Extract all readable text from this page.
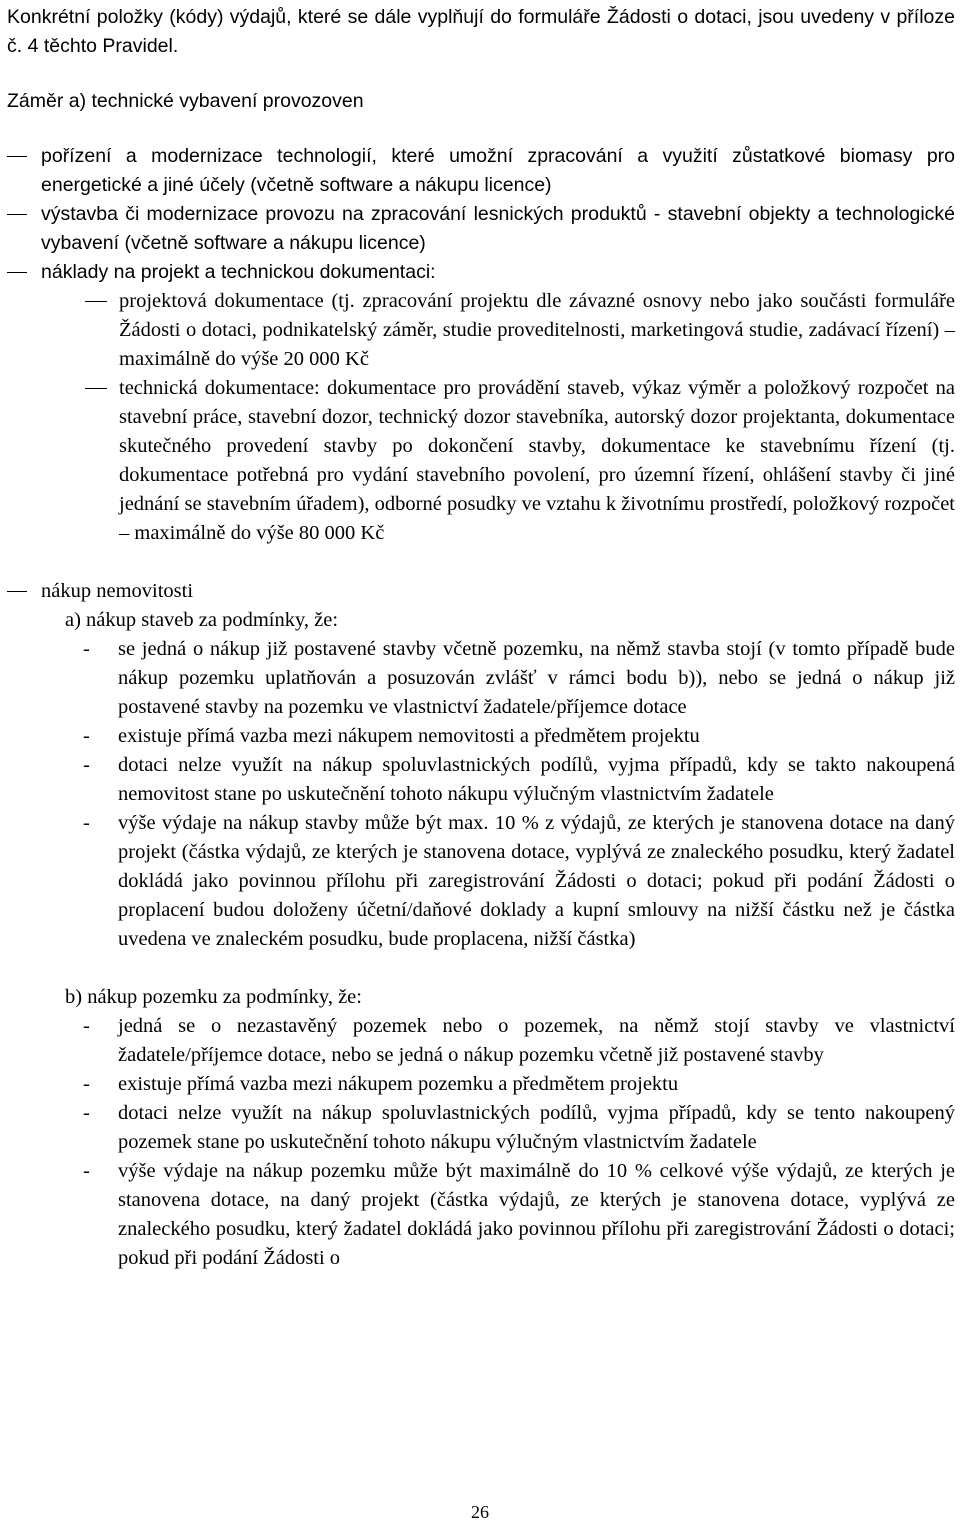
Konkrétní položky (kódy) výdajů, které se dále vyplňují do formuláře Žádosti o dotaci, jsou uvedeny v příloze č. 4 těchto Pravidel.
Záměr a) technické vybavení provozoven
pořízení a modernizace technologií, které umožní zpracování a využití zůstatkové biomasy pro energetické a jiné účely (včetně software a nákupu licence)
výstavba či modernizace provozu na zpracování lesnických produktů - stavební objekty a technologické vybavení (včetně software a nákupu licence)
náklady na projekt a technickou dokumentaci:
projektová dokumentace (tj. zpracování projektu dle závazné osnovy nebo jako součásti formuláře Žádosti o dotaci, podnikatelský záměr, studie proveditelnosti, marketingová studie, zadávací řízení) – maximálně do výše 20 000 Kč
technická dokumentace: dokumentace pro provádění staveb, výkaz výměr a položkový rozpočet na stavební práce, stavební dozor, technický dozor stavebníka, autorský dozor projektanta, dokumentace skutečného provedení stavby po dokončení stavby, dokumentace ke stavebnímu řízení (tj. dokumentace potřebná pro vydání stavebního povolení, pro územní řízení, ohlášení stavby či jiné jednání se stavebním úřadem), odborné posudky ve vztahu k životnímu prostředí, položkový rozpočet – maximálně do výše 80 000 Kč
nákup nemovitosti
a) nákup staveb za podmínky, že:
- se jedná o nákup již postavené stavby včetně pozemku, na němž stavba stojí (v tomto případě bude nákup pozemku uplatňován a posuzován zvlášť v rámci bodu b)), nebo se jedná o nákup již postavené stavby na pozemku ve vlastnictví žadatele/příjemce dotace
- existuje přímá vazba mezi nákupem nemovitosti a předmětem projektu
- dotaci nelze využít na nákup spoluvlastnických podílů, vyjma případů, kdy se takto nakoupená nemovitost stane po uskutečnění tohoto nákupu výlučným vlastnictvím žadatele
- výše výdaje na nákup stavby může být max. 10 % z výdajů, ze kterých je stanovena dotace na daný projekt (částka výdajů, ze kterých je stanovena dotace, vyplývá ze znaleckého posudku, který žadatel dokládá jako povinnou přílohu při zaregistrování Žádosti o dotaci; pokud při podání Žádosti o proplacení budou doloženy účetní/daňové doklady a kupní smlouvy na nižší částku než je částka uvedena ve znaleckém posudku, bude proplacena, nižší částka)
b) nákup pozemku za podmínky, že:
- jedná se o nezastavěný pozemek nebo o pozemek, na němž stojí stavby ve vlastnictví žadatele/příjemce dotace, nebo se jedná o nákup pozemku včetně již postavené stavby
- existuje přímá vazba mezi nákupem pozemku a předmětem projektu
- dotaci nelze využít na nákup spoluvlastnických podílů, vyjma případů, kdy se tento nakoupený pozemek stane po uskutečnění tohoto nákupu výlučným vlastnictvím žadatele
- výše výdaje na nákup pozemku může být maximálně do 10 % celkové výše výdajů, ze kterých je stanovena dotace, na daný projekt (částka výdajů, ze kterých je stanovena dotace, vyplývá ze znaleckého posudku, který žadatel dokládá jako povinnou přílohu při zaregistrování Žádosti o dotaci; pokud při podání Žádosti o
26
